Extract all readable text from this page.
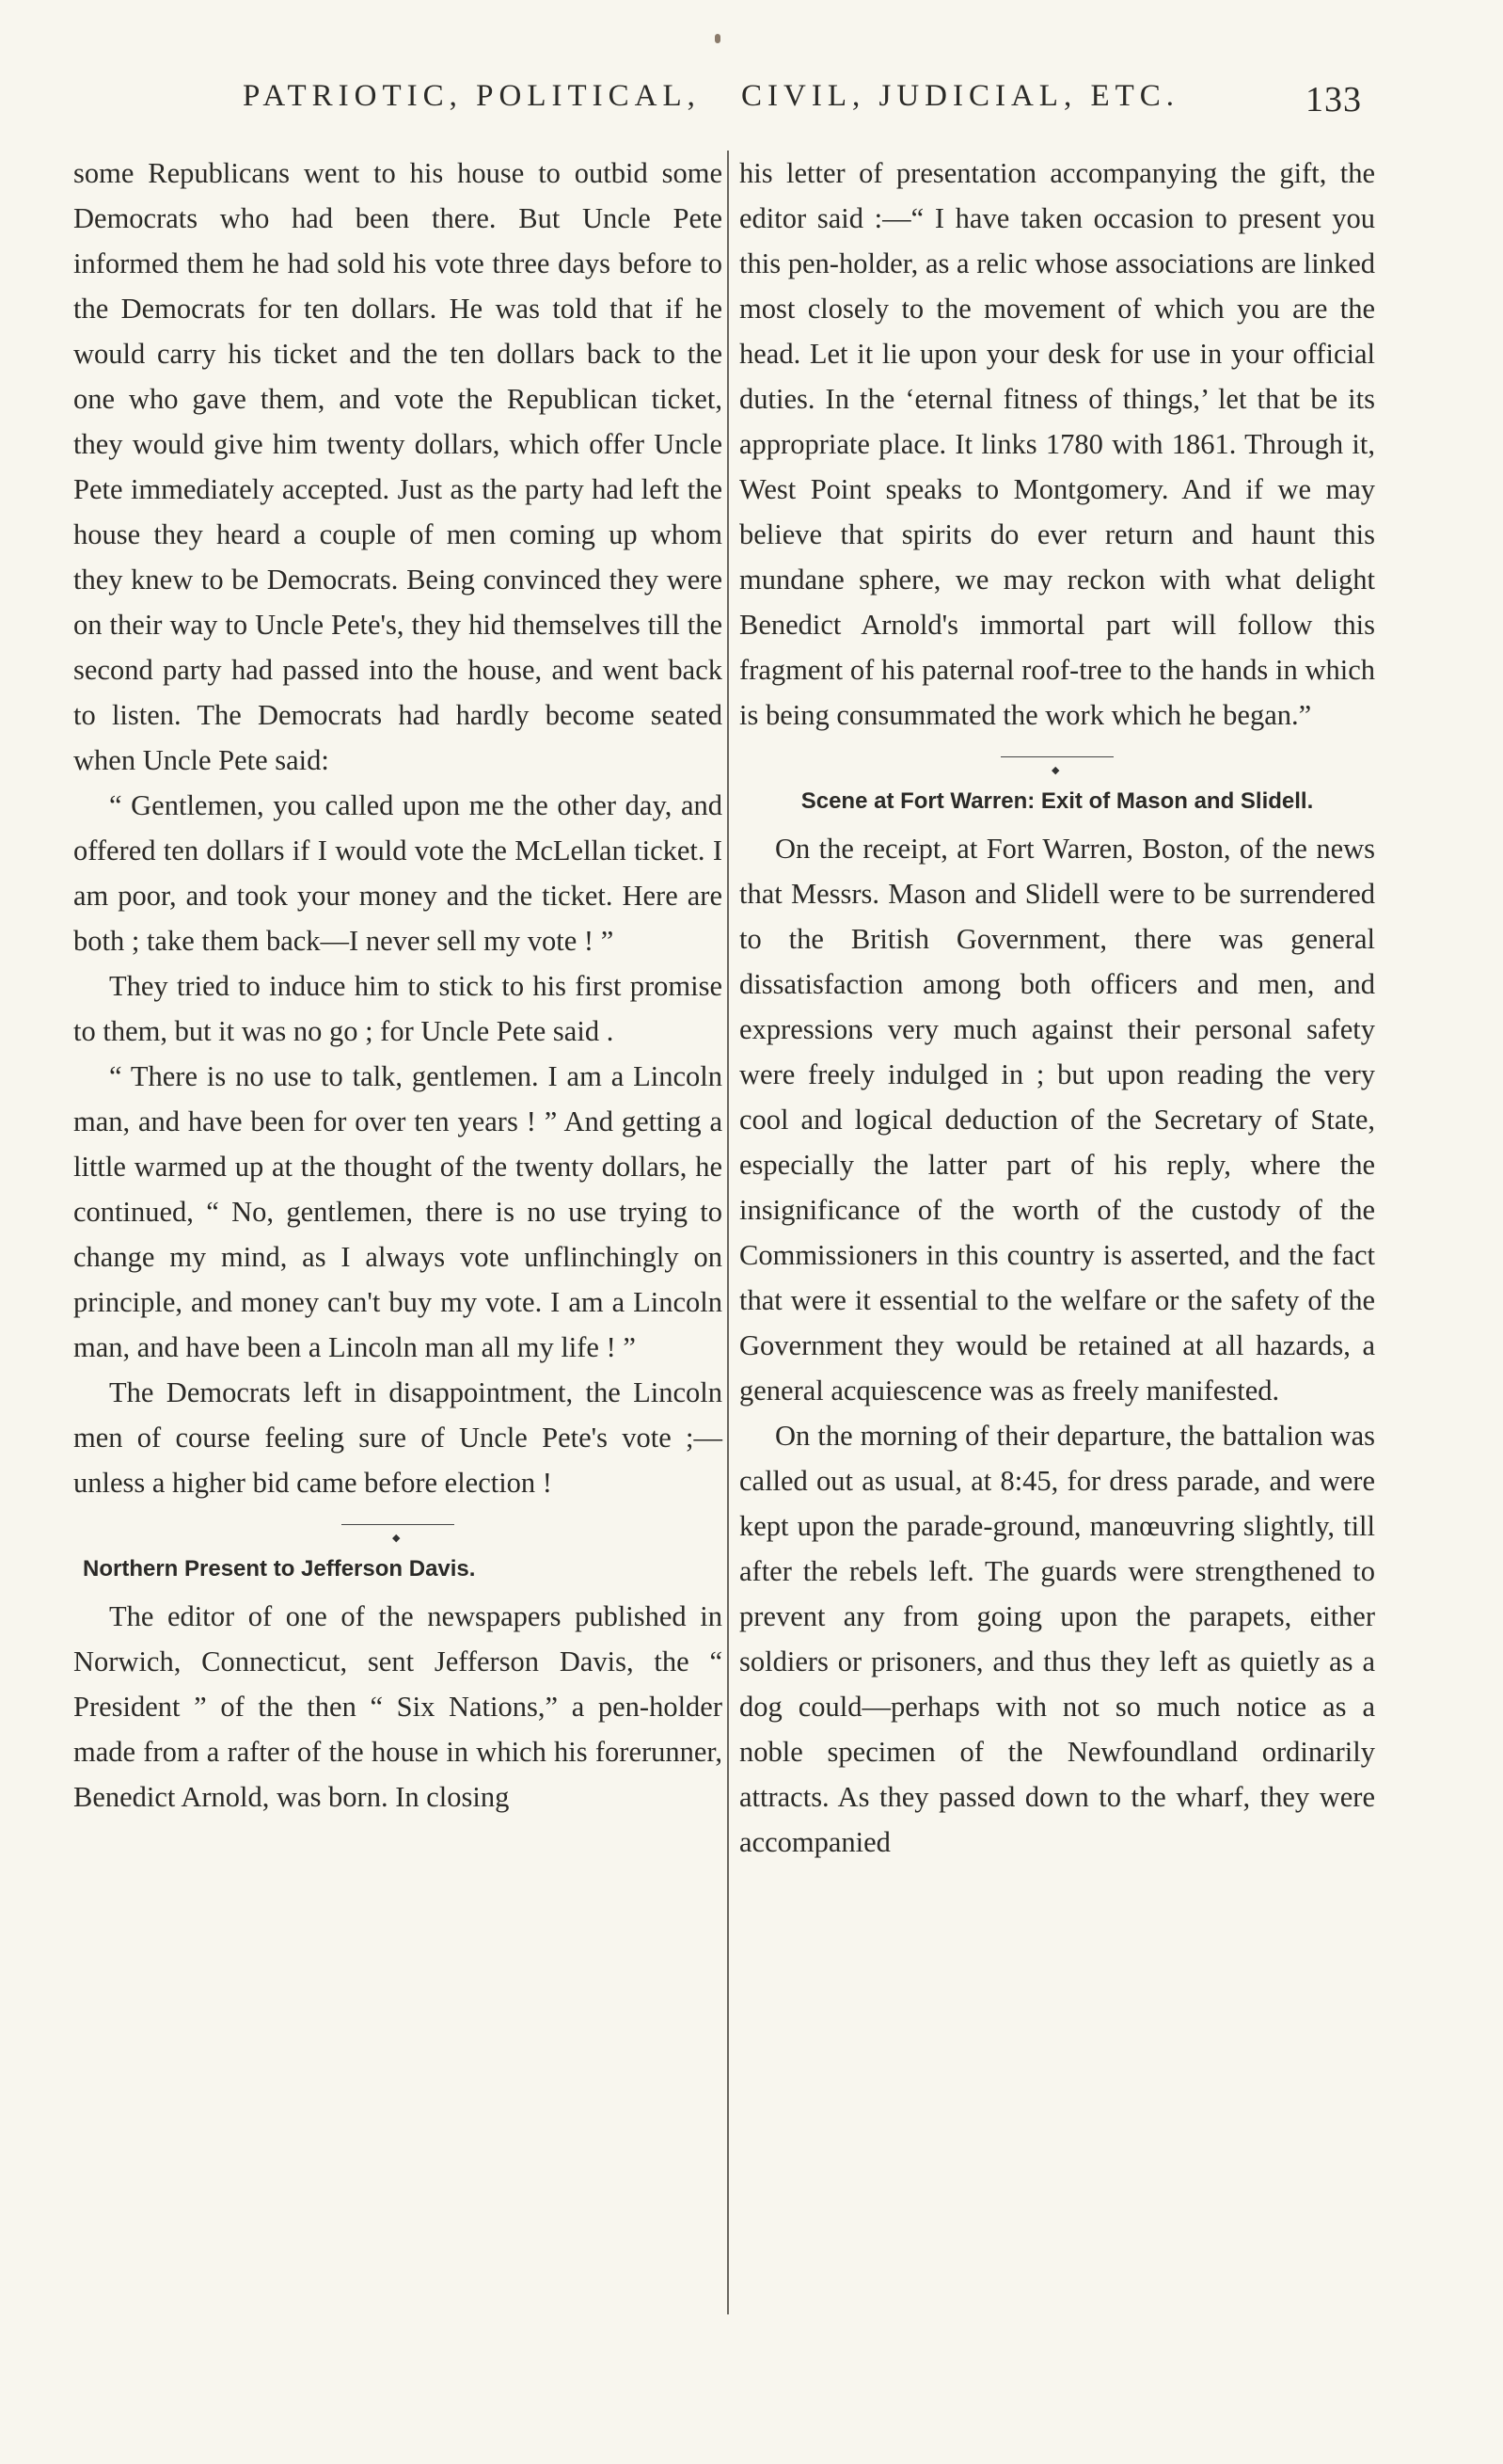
PATRIOTIC, POLITICAL, CIVIL, JUDICIAL, ETC.	133

some Republicans went to his house to outbid some Democrats who had been there. But Uncle Pete informed them he had sold his vote three days before to the Democrats for ten dollars. He was told that if he would carry his ticket and the ten dollars back to the one who gave them, and vote the Republican ticket, they would give him twenty dollars, which offer Uncle Pete immediately accepted. Just as the party had left the house they heard a couple of men coming up whom they knew to be Democrats. Being convinced they were on their way to Uncle Pete's, they hid themselves till the second party had passed into the house, and went back to listen. The Democrats had hardly become seated when Uncle Pete said:

“ Gentlemen, you called upon me the other day, and offered ten dollars if I would vote the McLellan ticket. I am poor, and took your money and the ticket. Here are both ; take them back—I never sell my vote ! ”

They tried to induce him to stick to his first promise to them, but it was no go ; for Uncle Pete said .

“ There is no use to talk, gentlemen. I am a Lincoln man, and have been for over ten years ! ” And getting a little warmed up at the thought of the twenty dollars, he continued, “ No, gentlemen, there is no use trying to change my mind, as I always vote unflinchingly on principle, and money can't buy my vote. I am a Lincoln man, and have been a Lincoln man all my life ! ”

The Democrats left in disappointment, the Lincoln men of course feeling sure of Uncle Pete's vote ;—unless a higher bid came before election !

◆
Northern Present to Jefferson Davis.

The editor of one of the newspapers published in Norwich, Connecticut, sent Jefferson Davis, the “ President ” of the then “ Six Nations,” a pen-holder made from a rafter of the house in which his forerunner, Benedict Arnold, was born. In closing

his letter of presentation accompanying the gift, the editor said :—“ I have taken occasion to present you this pen-holder, as a relic whose associations are linked most closely to the movement of which you are the head. Let it lie upon your desk for use in your official duties. In the ‘eternal fitness of things,’ let that be its appropriate place. It links 1780 with 1861. Through it, West Point speaks to Montgomery. And if we may believe that spirits do ever return and haunt this mundane sphere, we may reckon with what delight Benedict Arnold's immortal part will follow this fragment of his paternal roof-tree to the hands in which is being consummated the work which he began.”

◆
Scene at Fort Warren: Exit of Mason and Slidell.

On the receipt, at Fort Warren, Boston, of the news that Messrs. Mason and Slidell were to be surrendered to the British Government, there was general dissatisfaction among both officers and men, and expressions very much against their personal safety were freely indulged in ; but upon reading the very cool and logical deduction of the Secretary of State, especially the latter part of his reply, where the insignificance of the worth of the custody of the Commissioners in this country is asserted, and the fact that were it essential to the welfare or the safety of the Government they would be retained at all hazards, a general acquiescence was as freely manifested.

On the morning of their departure, the battalion was called out as usual, at 8:45, for dress parade, and were kept upon the parade-ground, manœuvring slightly, till after the rebels left. The guards were strengthened to prevent any from going upon the parapets, either soldiers or prisoners, and thus they left as quietly as a dog could—perhaps with not so much notice as a noble specimen of the Newfoundland ordinarily attracts. As they passed down to the wharf, they were accompanied
